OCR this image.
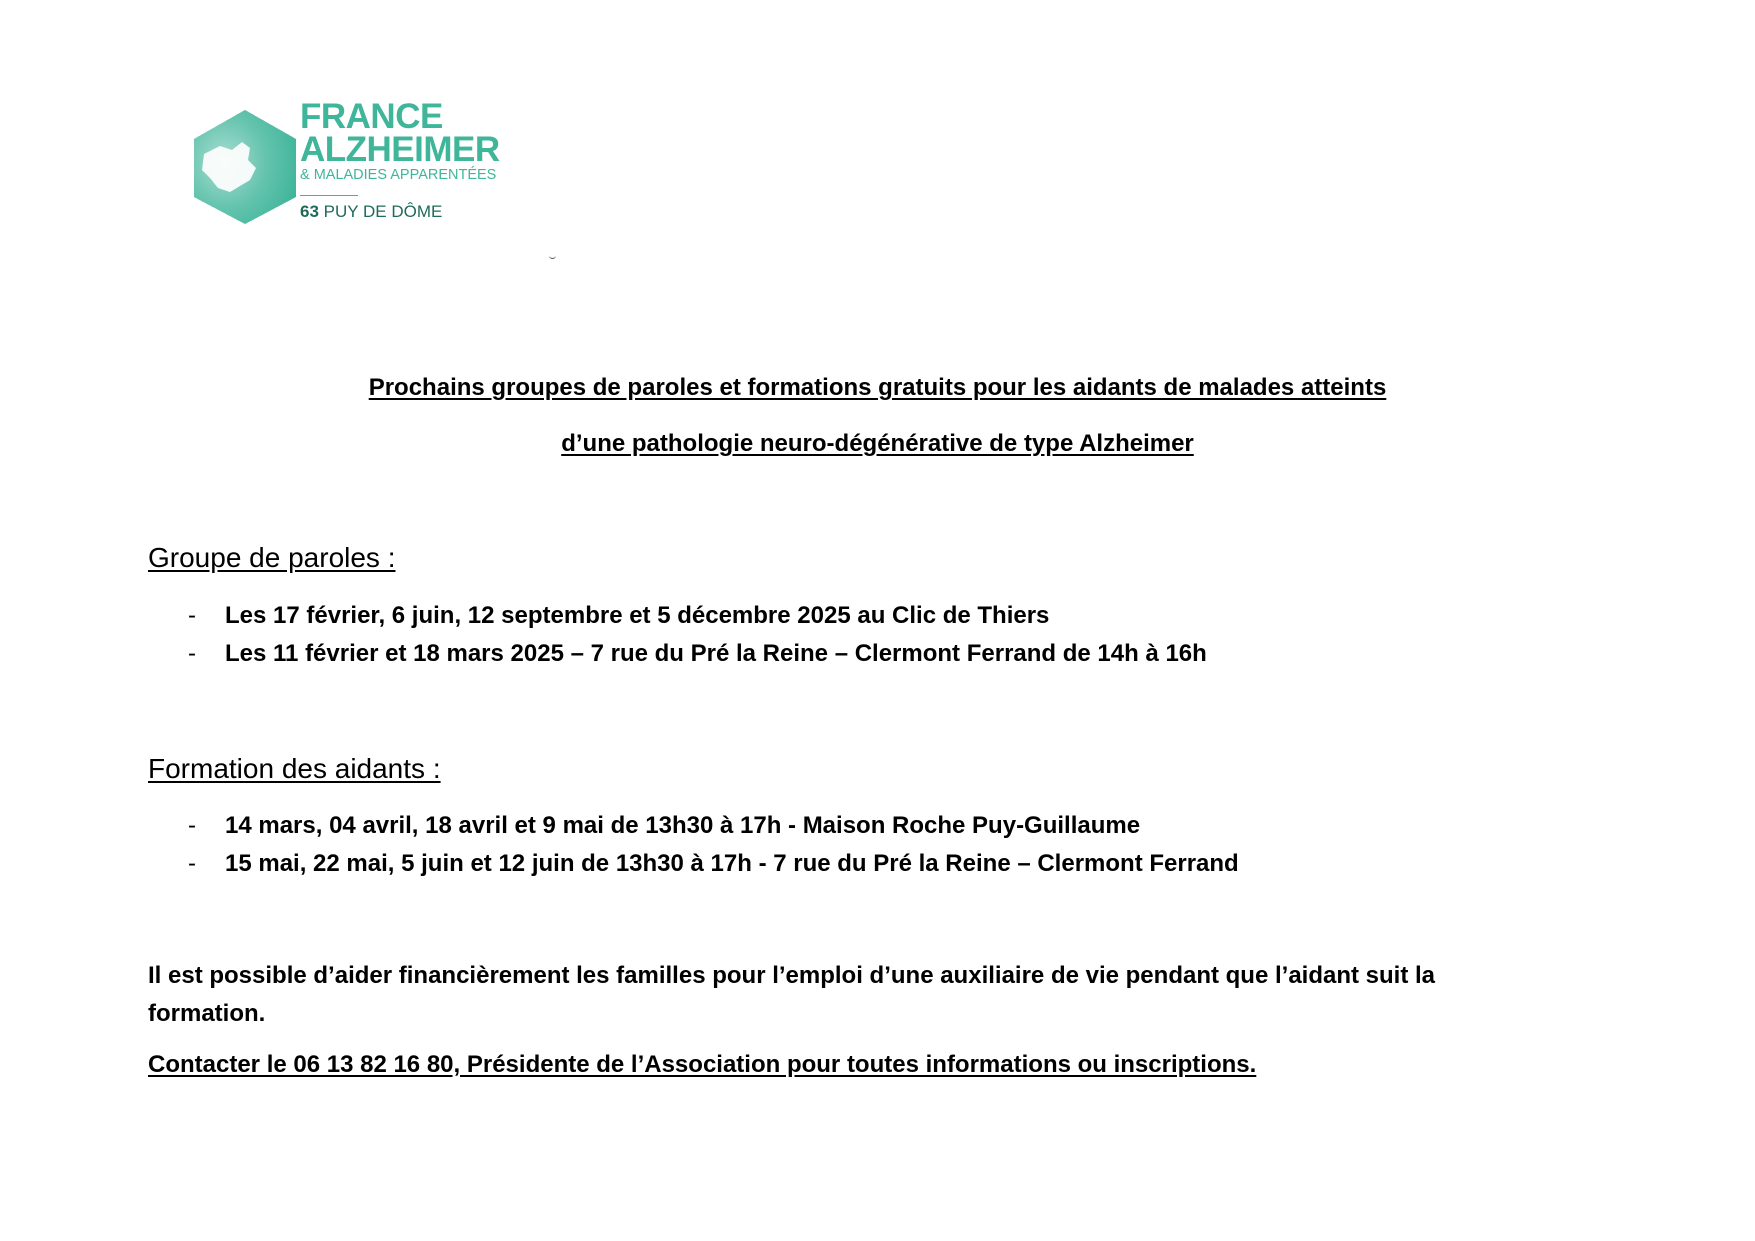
FRANCE
ALZHEIMER
& MALADIES APPARENTÉES
63 PUY DE DÔME
Prochains groupes de paroles et formations gratuits pour les aidants de malades atteints
d’une pathologie neuro-dégénérative de type Alzheimer
Groupe de paroles :
- Les 17 février, 6 juin, 12 septembre et 5 décembre 2025 au Clic de Thiers
- Les 11 février et 18 mars 2025 – 7 rue du Pré la Reine – Clermont Ferrand de 14h à 16h
Formation des aidants :
- 14 mars, 04 avril, 18 avril et 9 mai de 13h30 à 17h - Maison Roche Puy-Guillaume
- 15 mai, 22 mai, 5 juin et 12 juin de 13h30 à 17h - 7 rue du Pré la Reine – Clermont Ferrand

Il est possible d’aider financièrement les familles pour l’emploi d’une auxiliaire de vie pendant que l’aidant suit la formation.

Contacter le 06 13 82 16 80, Présidente de l’Association pour toutes informations ou inscriptions.
